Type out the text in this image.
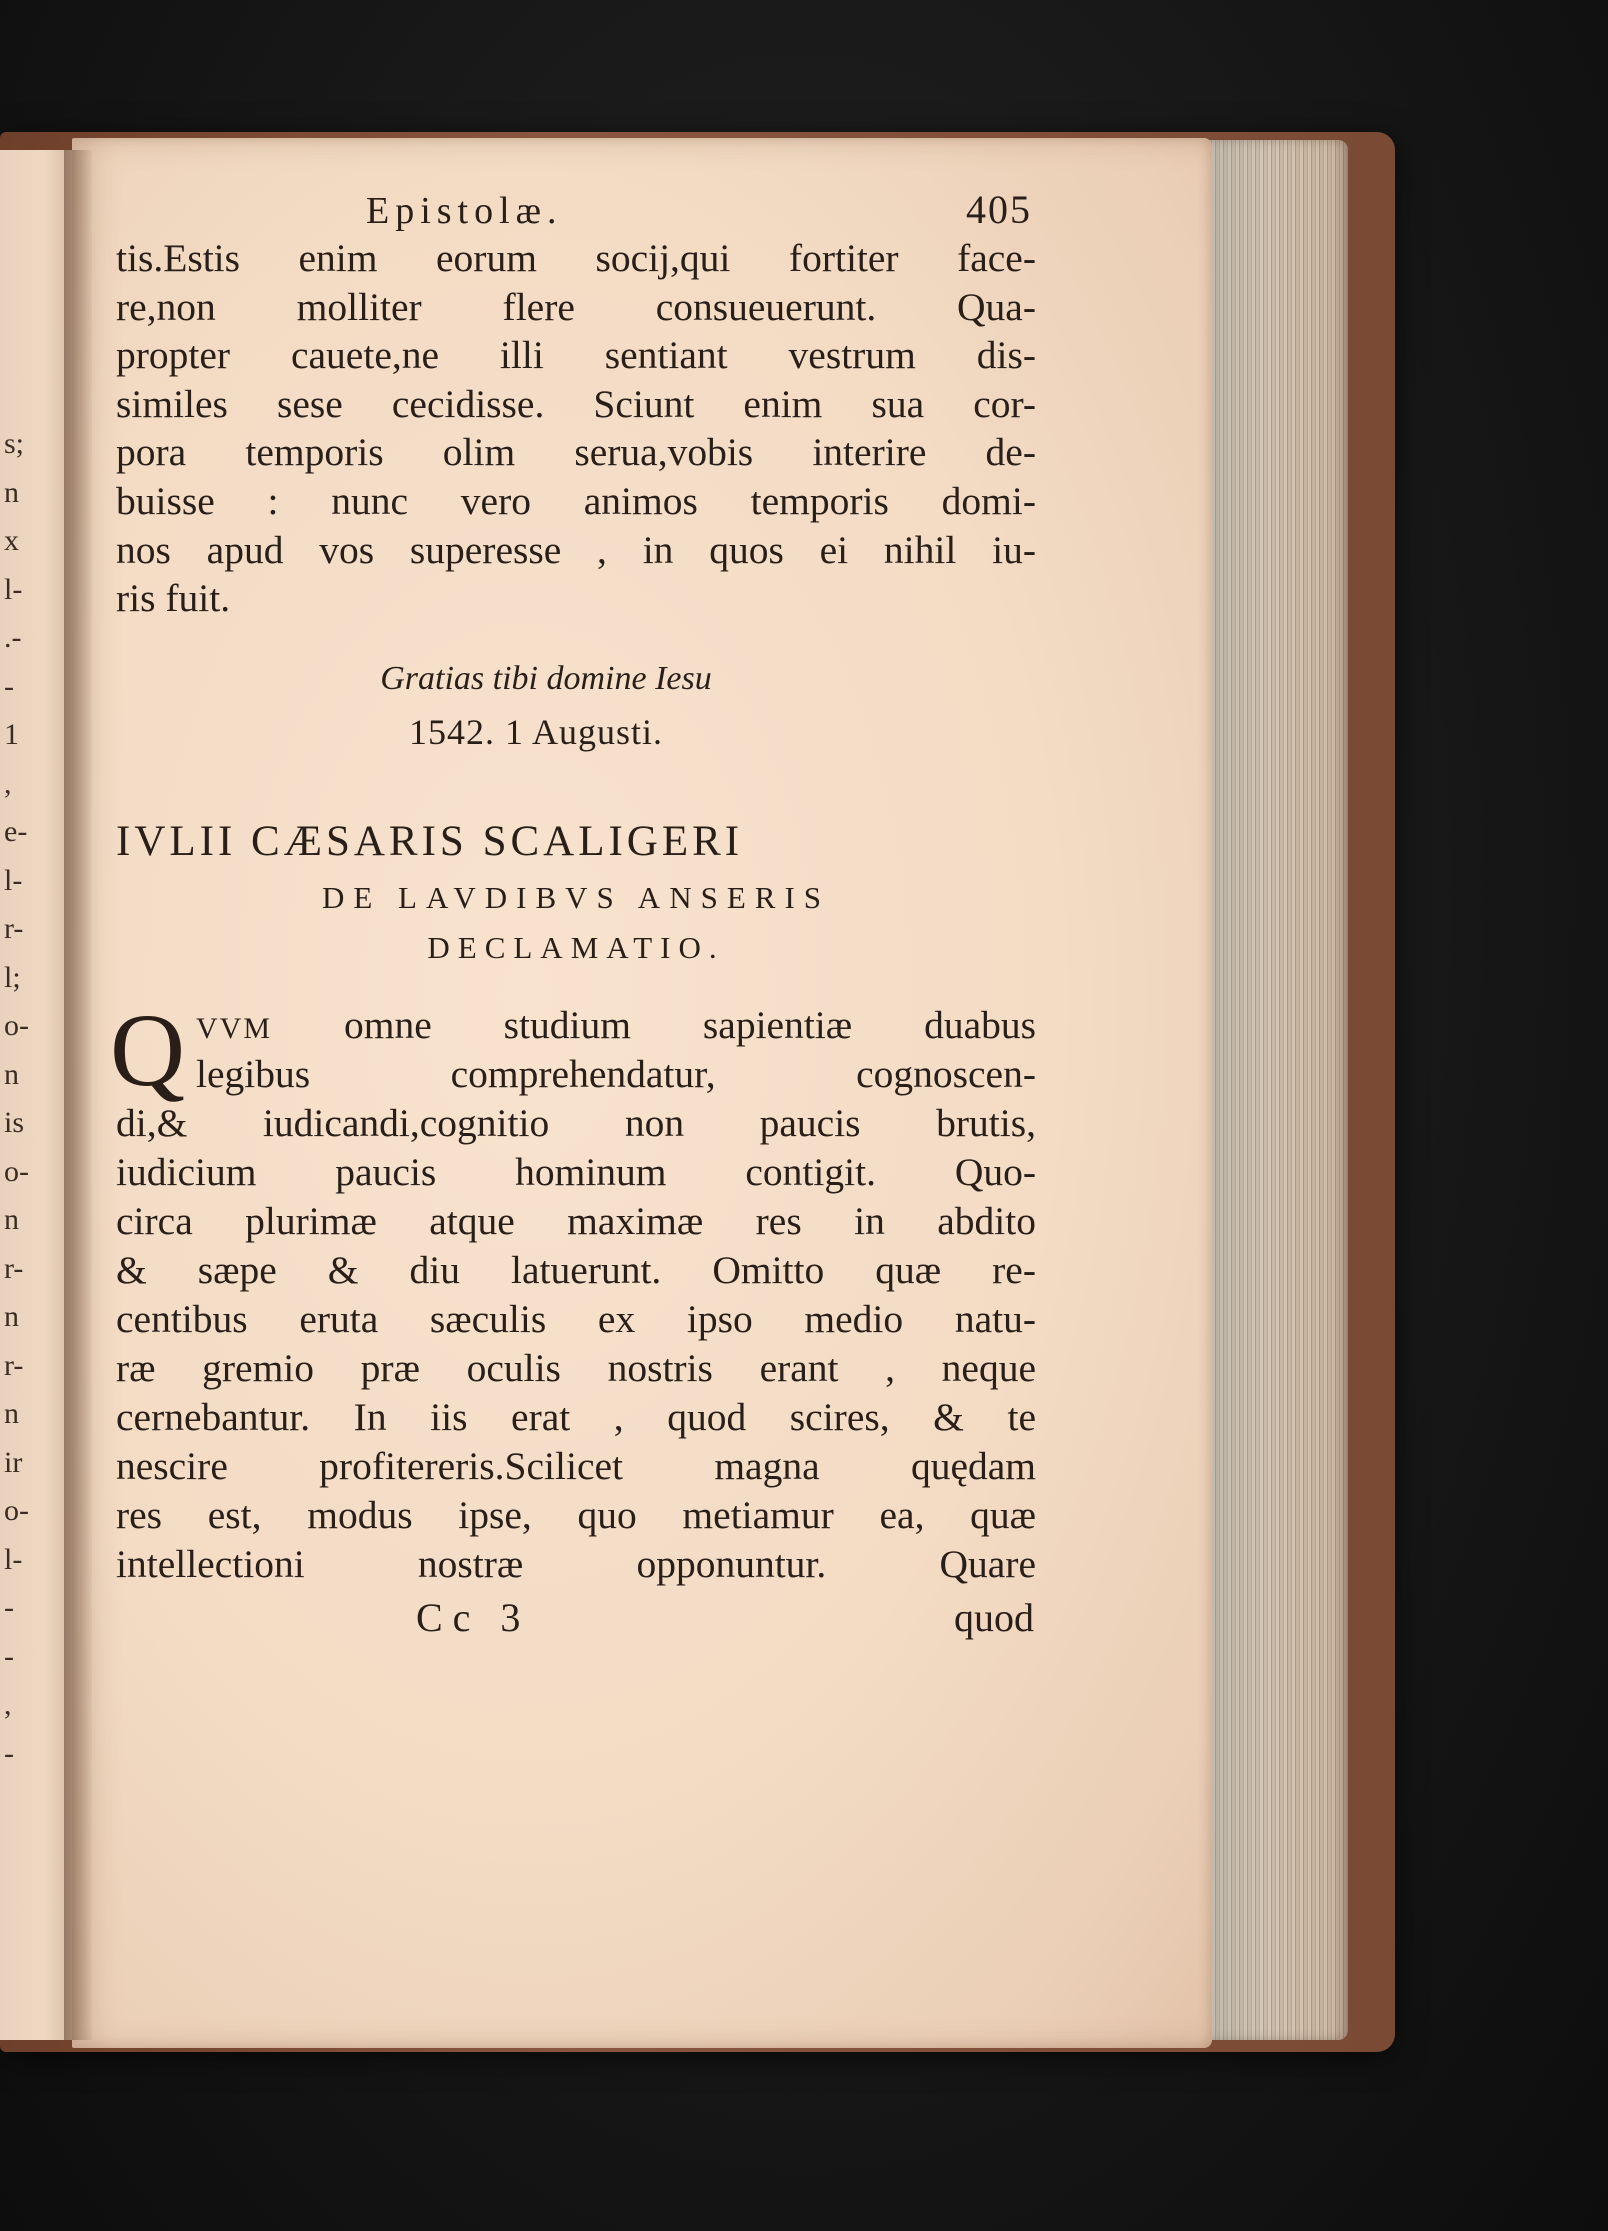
s;
n
x
l-
.-
-
1
,
e-
l-
r-
l;
o-
n
is
o-
n
r-
n
r-
n
ir
o-
l-
-
-
,
-
Epistolæ.	405
tis.Estis enim eorum socij,qui fortiter face-
re,non molliter flere consueuerunt. Qua-
propter cauete,ne illi sentiant vestrum dis-
similes sese cecidisse. Sciunt enim sua cor-
pora temporis olim serua,vobis interire de-
buisse : nunc vero animos temporis domi-
nos apud vos superesse , in quos ei nihil iu-
ris fuit.
Gratias tibi domine Iesu
1542. 1 Augusti.
IVLII CÆSARIS SCALIGERI
DE LAVDIBVS ANSERIS
DECLAMATIO.
Q VVM omne studium sapientiæ duabus
legibus comprehendatur, cognoscen-
di,& iudicandi,cognitio non paucis brutis,
iudicium paucis hominum contigit. Quo-
circa plurimæ atque maximæ res in abdito
& sæpe & diu latuerunt. Omitto quæ re-
centibus eruta sæculis ex ipso medio natu-
ræ gremio præ oculis nostris erant , neque
cernebantur. In iis erat , quod scires, & te
nescire profitereris.Scilicet magna quędam
res est, modus ipse, quo metiamur ea, quæ
intellectioni nostræ opponuntur. Quare
Cc 3	quod
